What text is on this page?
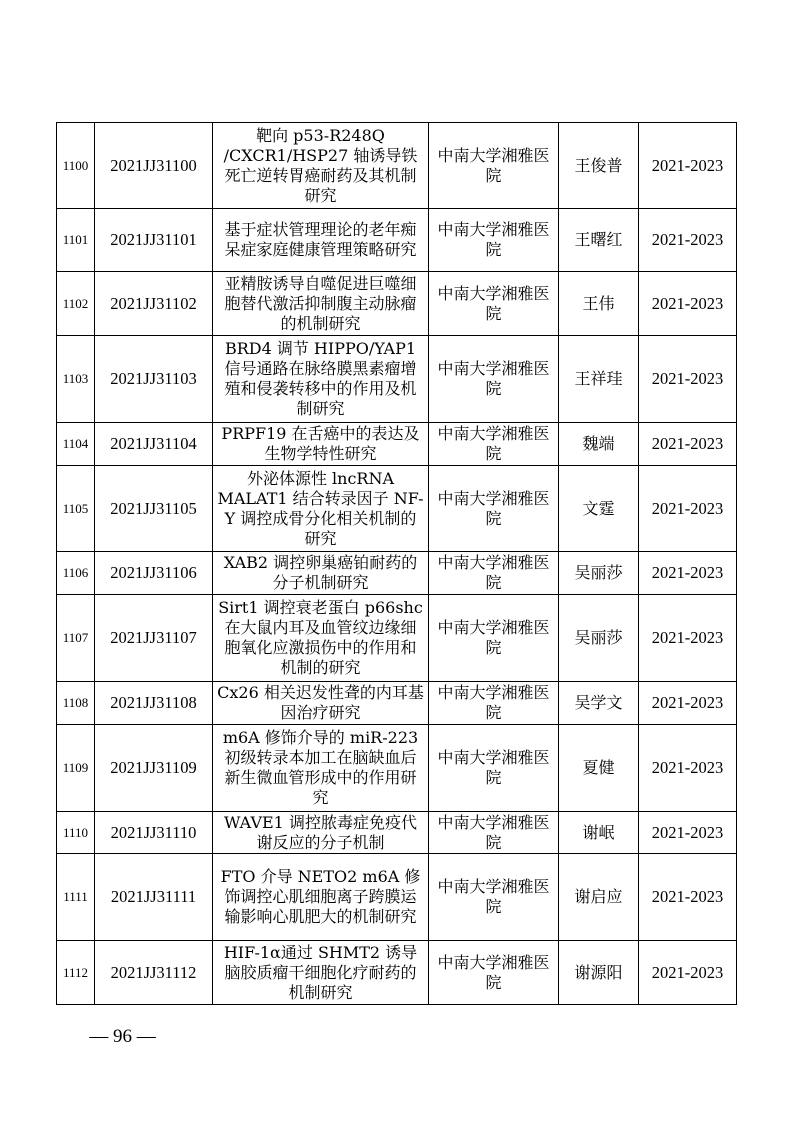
1100	2021JJ31100	靶向 p53-R248Q /CXCR1/HSP27 轴诱导铁死亡逆转胃癌耐药及其机制研究	中南大学湘雅医院	王俊普	2021-2023
1101	2021JJ31101	基于症状管理理论的老年痴呆症家庭健康管理策略研究	中南大学湘雅医院	王曙红	2021-2023
1102	2021JJ31102	亚精胺诱导自噬促进巨噬细胞替代激活抑制腹主动脉瘤的机制研究	中南大学湘雅医院	王伟	2021-2023
1103	2021JJ31103	BRD4 调节 HIPPO/YAP1 信号通路在脉络膜黑素瘤增殖和侵袭转移中的作用及机制研究	中南大学湘雅医院	王祥珪	2021-2023
1104	2021JJ31104	PRPF19 在舌癌中的表达及生物学特性研究	中南大学湘雅医院	魏端	2021-2023
1105	2021JJ31105	外泌体源性 lncRNA MALAT1 结合转录因子 NF-Y 调控成骨分化相关机制的研究	中南大学湘雅医院	文霆	2021-2023
1106	2021JJ31106	XAB2 调控卵巢癌铂耐药的分子机制研究	中南大学湘雅医院	吴丽莎	2021-2023
1107	2021JJ31107	Sirt1 调控衰老蛋白 p66shc 在大鼠内耳及血管纹边缘细胞氧化应激损伤中的作用和机制的研究	中南大学湘雅医院	吴丽莎	2021-2023
1108	2021JJ31108	Cx26 相关迟发性聋的内耳基因治疗研究	中南大学湘雅医院	吴学文	2021-2023
1109	2021JJ31109	m6A 修饰介导的 miR-223 初级转录本加工在脑缺血后新生微血管形成中的作用研究	中南大学湘雅医院	夏健	2021-2023
1110	2021JJ31110	WAVE1 调控脓毒症免疫代谢反应的分子机制	中南大学湘雅医院	谢岷	2021-2023
1111	2021JJ31111	FTO 介导 NETO2 m6A 修饰调控心肌细胞离子跨膜运输影响心肌肥大的机制研究	中南大学湘雅医院	谢启应	2021-2023
1112	2021JJ31112	HIF-1α通过 SHMT2 诱导脑胶质瘤干细胞化疗耐药的机制研究	中南大学湘雅医院	谢源阳	2021-2023
— 96 —
